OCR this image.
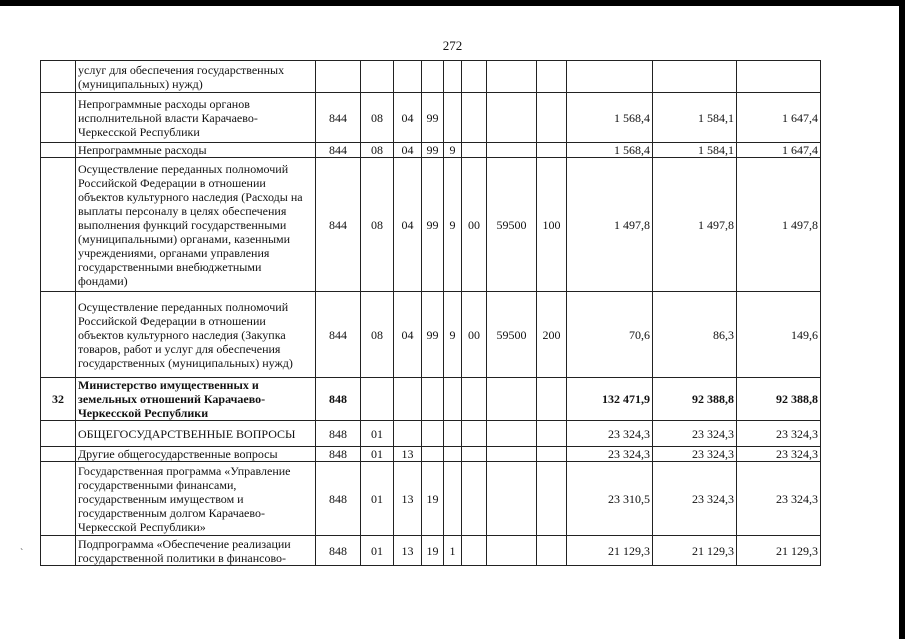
272
	услуг для обеспечения государственных (муниципальных) нужд)											
	Непрограммные расходы органов исполнительной власти Карачаево-Черкесской Республики	844	08	04	99					1 568,4	1 584,1	1 647,4
	Непрограммные расходы	844	08	04	99	9				1 568,4	1 584,1	1 647,4
	Осуществление переданных полномочий Российской Федерации в отношении объектов культурного наследия (Расходы на выплаты персоналу в целях обеспечения выполнения функций государственными (муниципальными) органами, казенными учреждениями, органами управления государственными внебюджетными фондами)	844	08	04	99	9	00	59500	100	1 497,8	1 497,8	1 497,8
	Осуществление переданных полномочий Российской Федерации в отношении объектов культурного наследия (Закупка товаров, работ и услуг для обеспечения государственных (муниципальных) нужд)	844	08	04	99	9	00	59500	200	70,6	86,3	149,6
32	Министерство имущественных и земельных отношений Карачаево-Черкесской Республики	848								132 471,9	92 388,8	92 388,8
	ОБЩЕГОСУДАРСТВЕННЫЕ ВОПРОСЫ	848	01							23 324,3	23 324,3	23 324,3
	Другие общегосударственные вопросы	848	01	13						23 324,3	23 324,3	23 324,3
	Государственная программа «Управление государственными финансами, государственным имуществом и государственным долгом Карачаево-Черкесской Республики»	848	01	13	19					23 310,5	23 324,3	23 324,3
	Подпрограмма «Обеспечение реализации государственной политики в финансово-	848	01	13	19	1				21 129,3	21 129,3	21 129,3
`
